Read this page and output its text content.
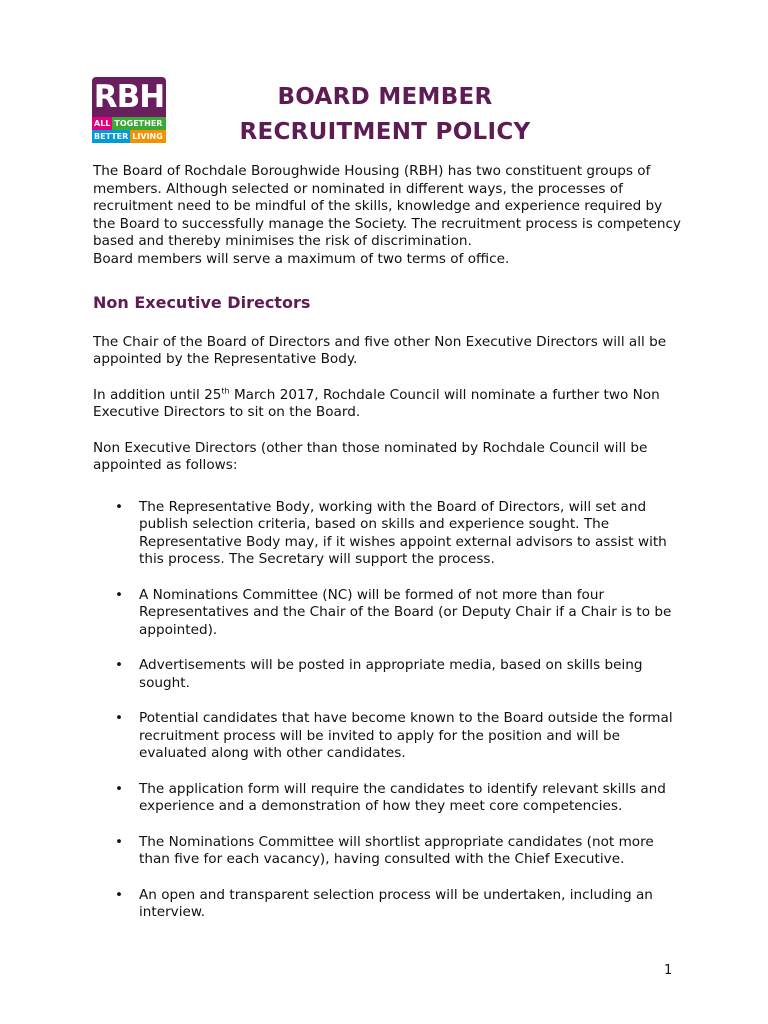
RBH
ALL TOGETHER
BETTER LIVING
BOARD MEMBER
RECRUITMENT POLICY

The Board of Rochdale Boroughwide Housing (RBH) has two constituent groups of members. Although selected or nominated in different ways, the processes of recruitment need to be mindful of the skills, knowledge and experience required by the Board to successfully manage the Society. The recruitment process is competency based and thereby minimises the risk of discrimination.

Board members will serve a maximum of two terms of office.

Non Executive Directors

The Chair of the Board of Directors and five other Non Executive Directors will all be appointed by the Representative Body.

In addition until 25th March 2017, Rochdale Council will nominate a further two Non Executive Directors to sit on the Board.

Non Executive Directors (other than those nominated by Rochdale Council will be appointed as follows:

• The Representative Body, working with the Board of Directors, will set and publish selection criteria, based on skills and experience sought. The Representative Body may, if it wishes appoint external advisors to assist with this process. The Secretary will support the process.
• A Nominations Committee (NC) will be formed of not more than four Representatives and the Chair of the Board (or Deputy Chair if a Chair is to be appointed).
• Advertisements will be posted in appropriate media, based on skills being sought.
• Potential candidates that have become known to the Board outside the formal recruitment process will be invited to apply for the position and will be evaluated along with other candidates.
• The application form will require the candidates to identify relevant skills and experience and a demonstration of how they meet core competencies.
• The Nominations Committee will shortlist appropriate candidates (not more than five for each vacancy), having consulted with the Chief Executive.
• An open and transparent selection process will be undertaken, including an interview.
1
